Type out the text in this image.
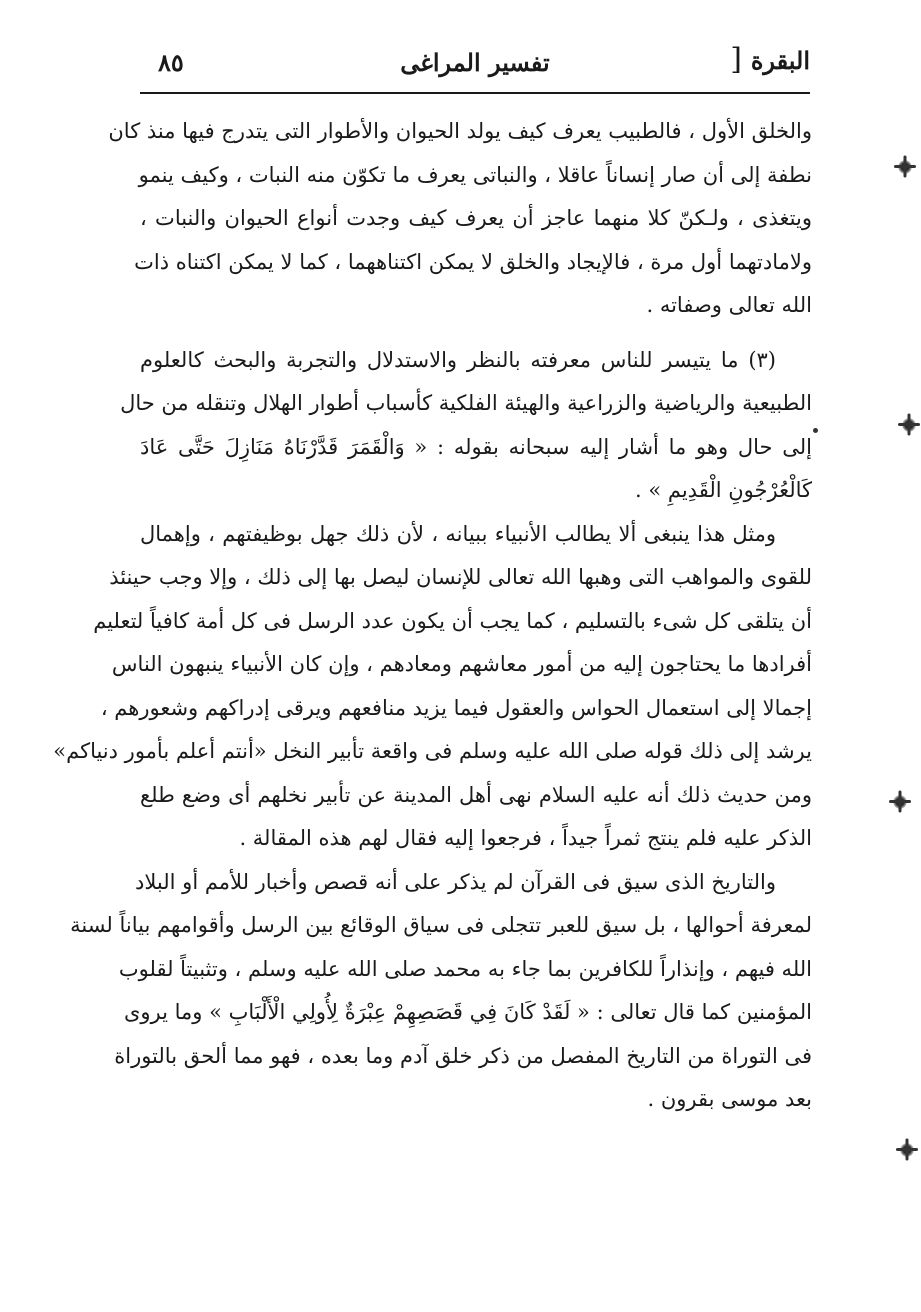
البقرة
]
تفسير المراغى
٨٥
والخلق الأول ، فالطبيب يعرف كيف يولد الحيوان والأطوار التى يتدرج فيها منذ كان
نطفة إلى أن صار إنساناً عاقلا ، والنباتى يعرف ما تكوّن منه النبات ، وكيف ينمو
ويتغذى ، ولـكنّ كلا منهما عاجز أن يعرف كيف وجدت أنواع الحيوان والنبات ،
ولامادتهما أول مرة ، فالإيجاد والخلق لا يمكن اكتناههما ، كما لا يمكن اكتناه ذات
الله تعالى وصفاته .
(٣) ما يتيسر للناس معرفته بالنظر والاستدلال والتجربة والبحث كالعلوم
الطبيعية والرياضية والزراعية والهيئة الفلكية كأسباب أطوار الهلال وتنقله من حال
إلى حال وهو ما أشار إليه سبحانه بقوله : « وَالْقَمَرَ قَدَّرْنَاهُ مَنَازِلَ حَتَّى عَادَ
كَالْعُرْجُونِ الْقَدِيمِ » .
ومثل هذا ينبغى ألا يطالب الأنبياء ببيانه ، لأن ذلك جهل بوظيفتهم ، وإهمال
للقوى والمواهب التى وهبها الله تعالى للإنسان ليصل بها إلى ذلك ، وإلا وجب حينئذ
أن يتلقى كل شىء بالتسليم ، كما يجب أن يكون عدد الرسل فى كل أمة كافياً لتعليم
أفرادها ما يحتاجون إليه من أمور معاشهم ومعادهم ، وإن كان الأنبياء ينبهون الناس
إجمالا إلى استعمال الحواس والعقول فيما يزيد منافعهم ويرقى إدراكهم وشعورهم ،
يرشد إلى ذلك قوله صلى الله عليه وسلم فى واقعة تأبير النخل «أنتم أعلم بأمور دنياكم»
ومن حديث ذلك أنه عليه السلام نهى أهل المدينة عن تأبير نخلهم أى وضع طلع
الذكر عليه فلم ينتج ثمراً جيداً ، فرجعوا إليه فقال لهم هذه المقالة .
والتاريخ الذى سيق فى القرآن لم يذكر على أنه قصص وأخبار للأمم أو البلاد
لمعرفة أحوالها ، بل سيق للعبر تتجلى فى سياق الوقائع بين الرسل وأقوامهم بياناً لسنة
الله فيهم ، وإنذاراً للكافرين بما جاء به محمد صلى الله عليه وسلم ، وتثبيتاً لقلوب
المؤمنين كما قال تعالى : « لَقَدْ كَانَ فِي قَصَصِهِمْ عِبْرَةٌ لِأُولِي الْأَلْبَابِ » وما يروى
فى التوراة من التاريخ المفصل من ذكر خلق آدم وما بعده ، فهو مما ألحق بالتوراة
بعد موسى بقرون .
